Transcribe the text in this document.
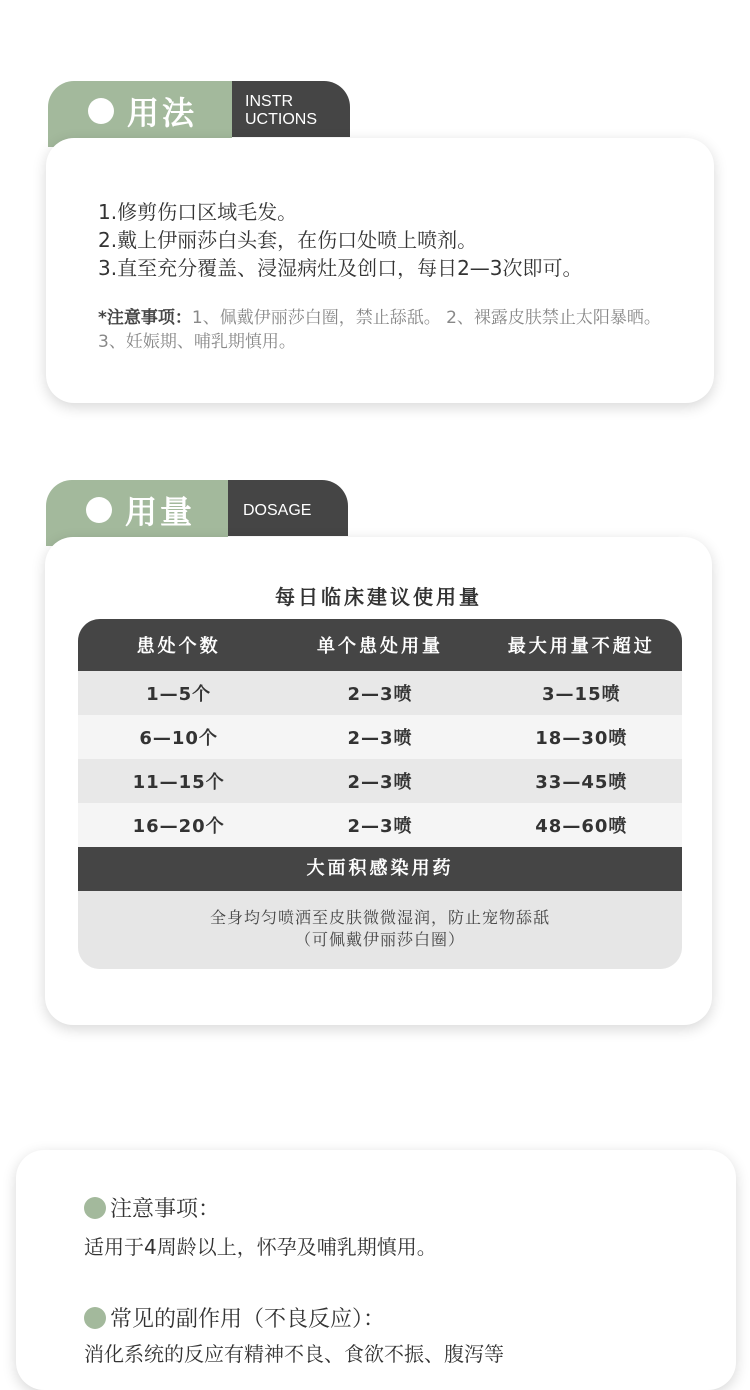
用法	INSTR
UCTIONS
1.修剪伤口区域毛发。
2.戴上伊丽莎白头套，在伤口处喷上喷剂。
3.直至充分覆盖、浸湿病灶及创口，每日2—3次即可。
*注意事项：1、佩戴伊丽莎白圈，禁止舔舐。 2、裸露皮肤禁止太阳暴晒。3、妊娠期、哺乳期慎用。
用量	DOSAGE
每日临床建议使用量
患处个数	单个患处用量	最大用量不超过
1—5个	2—3喷	3—15喷
6—10个	2—3喷	18—30喷
11—15个	2—3喷	33—45喷
16—20个	2—3喷	48—60喷
大面积感染用药
全身均匀喷洒至皮肤微微湿润，防止宠物舔舐
（可佩戴伊丽莎白圈）
注意事项：
适用于4周龄以上，怀孕及哺乳期慎用。
常见的副作用（不良反应）：
消化系统的反应有精神不良、食欲不振、腹泻等
